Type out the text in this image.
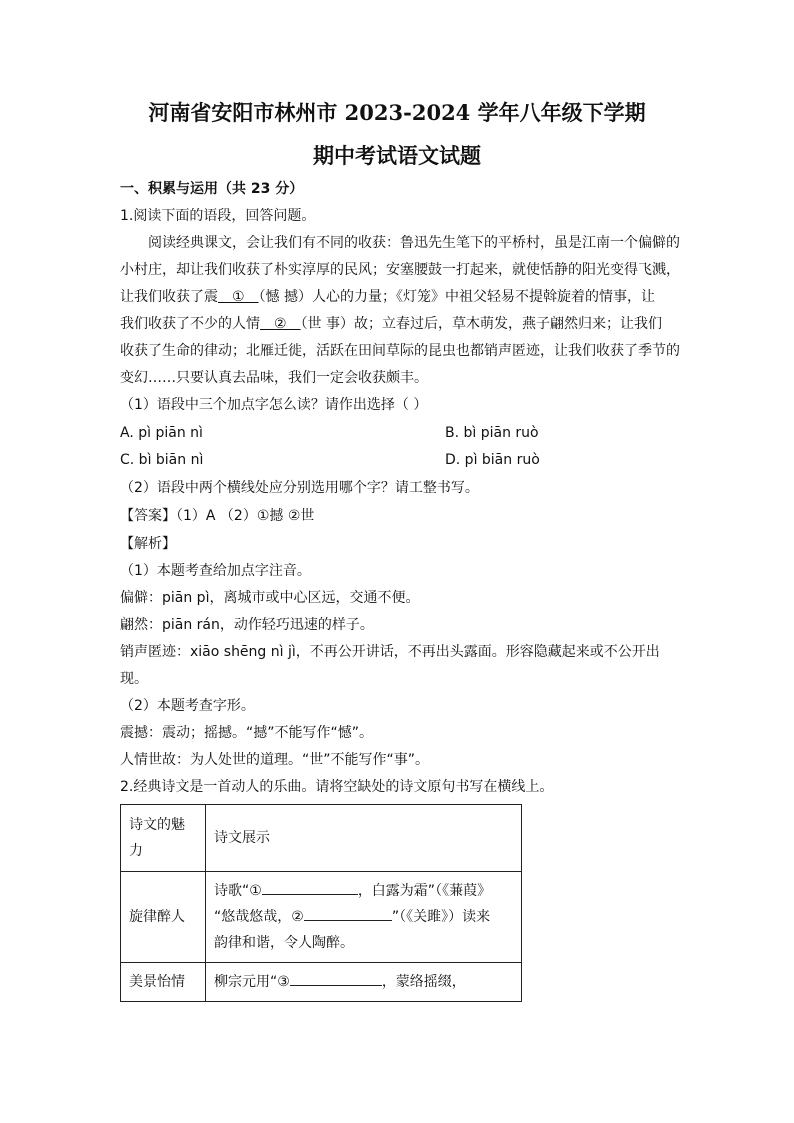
河南省安阳市林州市 2023-2024 学年八年级下学期
期中考试语文试题
一、积累与运用（共 23 分）
1.阅读下面的语段，回答问题。
阅读经典课文，会让我们有不同的收获：鲁迅先生笔下的平桥村，虽是江南一个偏僻的
小村庄，却让我们收获了朴实淳厚的民风；安塞腰鼓一打起来，就使恬静的阳光变得飞溅，
让我们收获了震　①　（憾 撼）人心的力量；《灯笼》中祖父轻易不提斡旋着的情事，让
我们收获了不少的人情　②　（世 事）故；立春过后，草木萌发，燕子翩然归来；让我们
收获了生命的律动；北雁迁徙，活跃在田间草际的昆虫也都销声匿迹，让我们收获了季节的
变幻……只要认真去品味，我们一定会收获颇丰。
（1）语段中三个加点字怎么读？请作出选择（ ）
A. pì piān nì	B. bì piān ruò
C. bì biān nì	D. pì biān ruò
（2）语段中两个横线处应分别选用哪个字？请工整书写。
【答案】（1）A （2）①撼 ②世
【解析】
（1）本题考查给加点字注音。
偏僻：piān pì，离城市或中心区远，交通不便。
翩然：piān rán，动作轻巧迅速的样子。
销声匿迹：xiāo shēng nì jì，不再公开讲话，不再出头露面。形容隐藏起来或不公开出
现。
（2）本题考查字形。
震撼：震动；摇撼。“撼”不能写作“憾”。
人情世故：为人处世的道理。“世”不能写作“事”。
2.经典诗文是一首动人的乐曲。请将空缺处的诗文原句书写在横线上。
诗文的魅力	诗文展示
旋律醉人	诗歌“① ，白露为霜”（《蒹葭》
“悠哉悠哉，② ”（《关雎》）读来
韵律和谐，令人陶醉。

美景怡情	柳宗元用“③ ，蒙络摇缀，
